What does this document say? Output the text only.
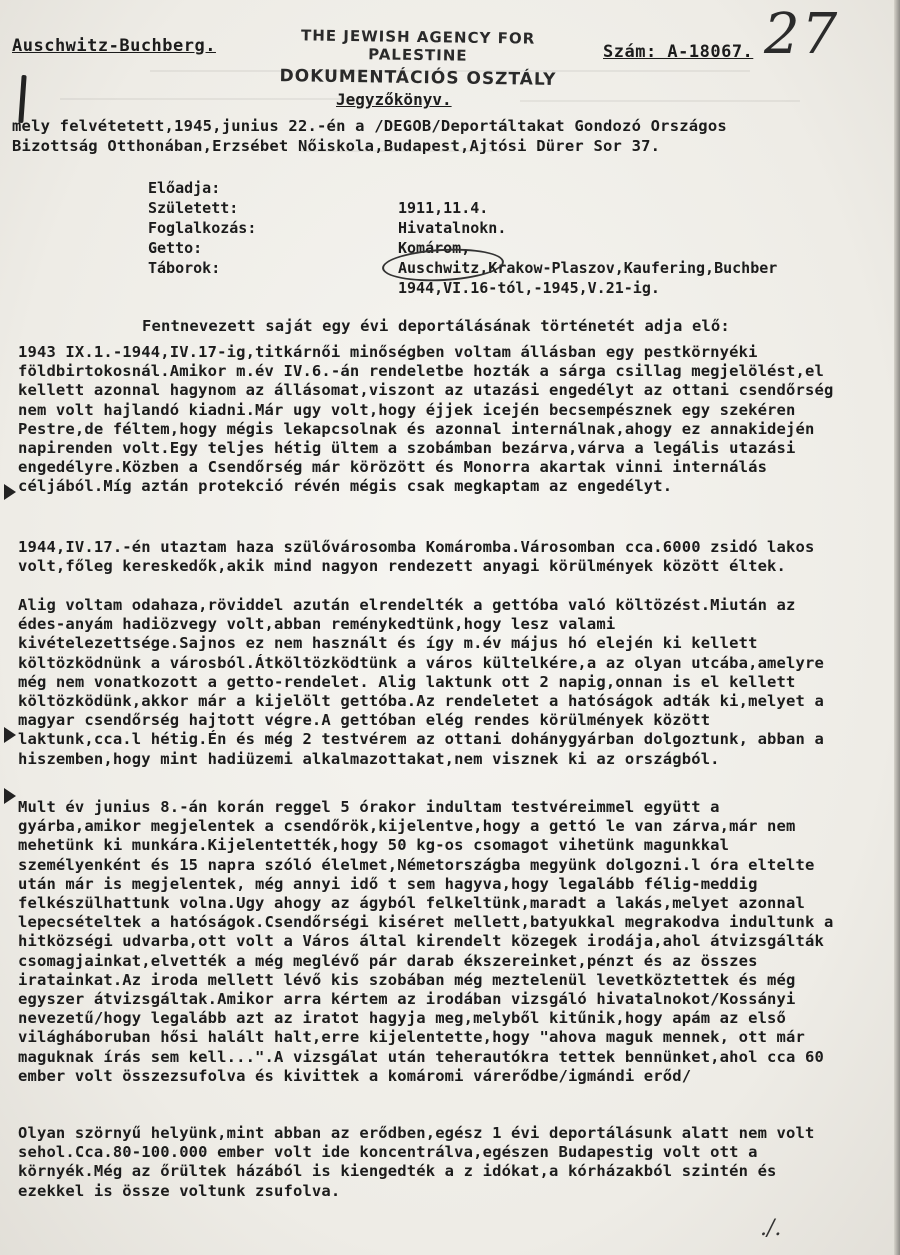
Auschwitz-Buchberg.	THE JEWISH AGENCY FOR PALESTINE
DOKUMENTÁCIÓS OSZTÁLY
Szám: A-18067. 27
Jegyzőkönyv.
mely felvétetett,1945,junius 22.-én a /DEGOB/Deportáltakat Gondozó Országos Bizottság Otthonában,Erzsébet Nőiskola,Budapest,Ajtósi Dürer Sor 37.
Előadja:
Született:	1911,11.4.
Foglalkozás:	Hivatalnokn.
Getto:	Komárom,
Táborok:	Auschwitz,Krakow-Plaszov,Kaufering,Buchber
1944,VI.16-tól,-1945,V.21-ig.
Fentnevezett saját egy évi deportálásának történetét adja elő:
1943 IX.1.-1944,IV.17-ig,titkárnői minőségben voltam állásban egy pestkörnyéki földbirtokosnál.Amikor m.év IV.6.-án rendeletbe hozták a sárga csillag megjelölést,el kellett azonnal hagynom az állásomat,viszont az utazási engedélyt az ottani csendőrség nem volt hajlandó kiadni.Már ugy volt,hogy éjjek icején becsempésznek egy szekéren Pestre,de féltem,hogy mégis lekapcsolnak és azonnal internálnak,ahogy ez annakidején napirenden volt.Egy teljes hétig ültem a szobámban bezárva,várva a legális utazási engedélyre.Közben a Csendőrség már körözött és Monorra akartak vinni internálás céljából.Míg aztán protekció révén mégis csak megkaptam az engedélyt.
1944,IV.17.-én utaztam haza szülővárosomba Komáromba.Városomban cca.6000 zsidó lakos volt,főleg kereskedők,akik mind nagyon rendezett anyagi körülmények között éltek.
Alig voltam odahaza,röviddel azután elrendelték a gettóba való költözést.Miután az édes-anyám hadiözvegy volt,abban reménykedtünk,hogy lesz valami kivételezettsége.Sajnos ez nem használt és így m.év május hó elején ki kellett költözködnünk a városból.Átköltözködtünk a város kültelkére,a az olyan utcába,amelyre még nem vonatkozott a getto-rendelet. Alig laktunk ott 2 napig,onnan is el kellett költözködünk,akkor már a kijelölt gettóba.Az rendeletet a hatóságok adták ki,melyet a magyar csendőrség hajtott végre.A gettóban elég rendes körülmények között laktunk,cca.l hétig.Én és még 2 testvérem az ottani dohánygyárban dolgoztunk, abban a hiszemben,hogy mint hadiüzemi alkalmazottakat,nem visznek ki az országból.
Mult év junius 8.-án korán reggel 5 órakor indultam testvéreimmel együtt a gyárba,amikor megjelentek a csendőrök,kijelentve,hogy a gettó le van zárva,már nem mehetünk ki munkára.Kijelentették,hogy 50 kg-os csomagot vihetünk magunkkal személyenként és 15 napra szóló élelmet,Németországba megyünk dolgozni.l óra eltelte után már is megjelentek, még annyi idő t sem hagyva,hogy legalább félig-meddig felkészülhattunk volna.Ugy ahogy az ágyból felkeltünk,maradt a lakás,melyet azonnal lepecsételtek a hatóságok.Csendőrségi kiséret mellett,batyukkal megrakodva indultunk a hitközségi udvarba,ott volt a Város által kirendelt közegek irodája,ahol átvizsgálták csomagjainkat,elvették a még meglévő pár darab ékszereinket,pénzt és az összes iratainkat.Az iroda mellett lévő kis szobában még meztelenül levetköztettek és még egyszer átvizsgáltak.Amikor arra kértem az irodában vizsgáló hivatalnokot/Kossányi nevezetű/hogy legalább azt az iratot hagyja meg,melyből kitűnik,hogy apám az első világháboruban hősi halált halt,erre kijelentette,hogy "ahova maguk mennek, ott már maguknak írás sem kell...".A vizsgálat után teherautókra tettek bennünket,ahol cca 60 ember volt összezsufolva és kivittek a komáromi várerődbe/igmándi erőd/
Olyan szörnyű helyünk,mint abban az erődben,egész 1 évi deportálásunk alatt nem volt sehol.Cca.80-100.000 ember volt ide koncentrálva,egészen Budapestig volt ott a környék.Még az őrültek házából is kiengedték a z idókat,a kórházakból szintén és ezekkel is össze voltunk zsufolva.
./.
